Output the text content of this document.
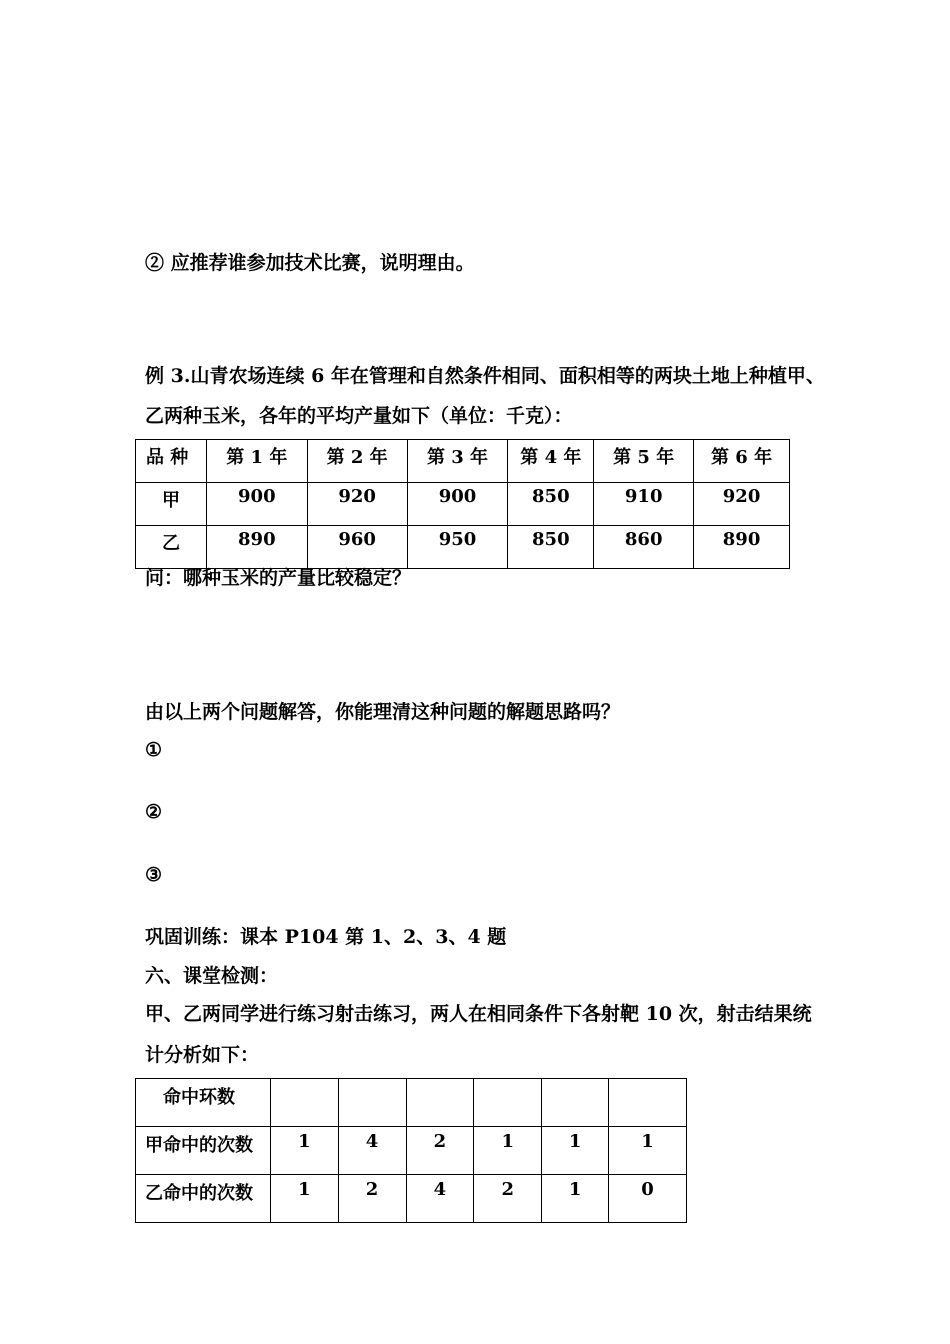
② 应推荐谁参加技术比赛，说明理由。
例 3.山青农场连续 6 年在管理和自然条件相同、面积相等的两块土地上种植甲、
乙两种玉米，各年的平均产量如下（单位：千克）：
品 种	第 1 年	第 2 年	第 3 年	第 4 年	第 5 年	第 6 年
甲	900	920	900	850	910	920
乙	890	960	950	850	860	890
问：哪种玉米的产量比较稳定？
由以上两个问题解答，你能理清这种问题的解题思路吗？
①
②
③
巩固训练：课本 P104 第 1、2、3、4 题
六、课堂检测：
甲、乙两同学进行练习射击练习，两人在相同条件下各射靶 10 次，射击结果统
计分析如下：
命中环数						
甲命中的次数	1	4	2	1	1	1
乙命中的次数	1	2	4	2	1	0
